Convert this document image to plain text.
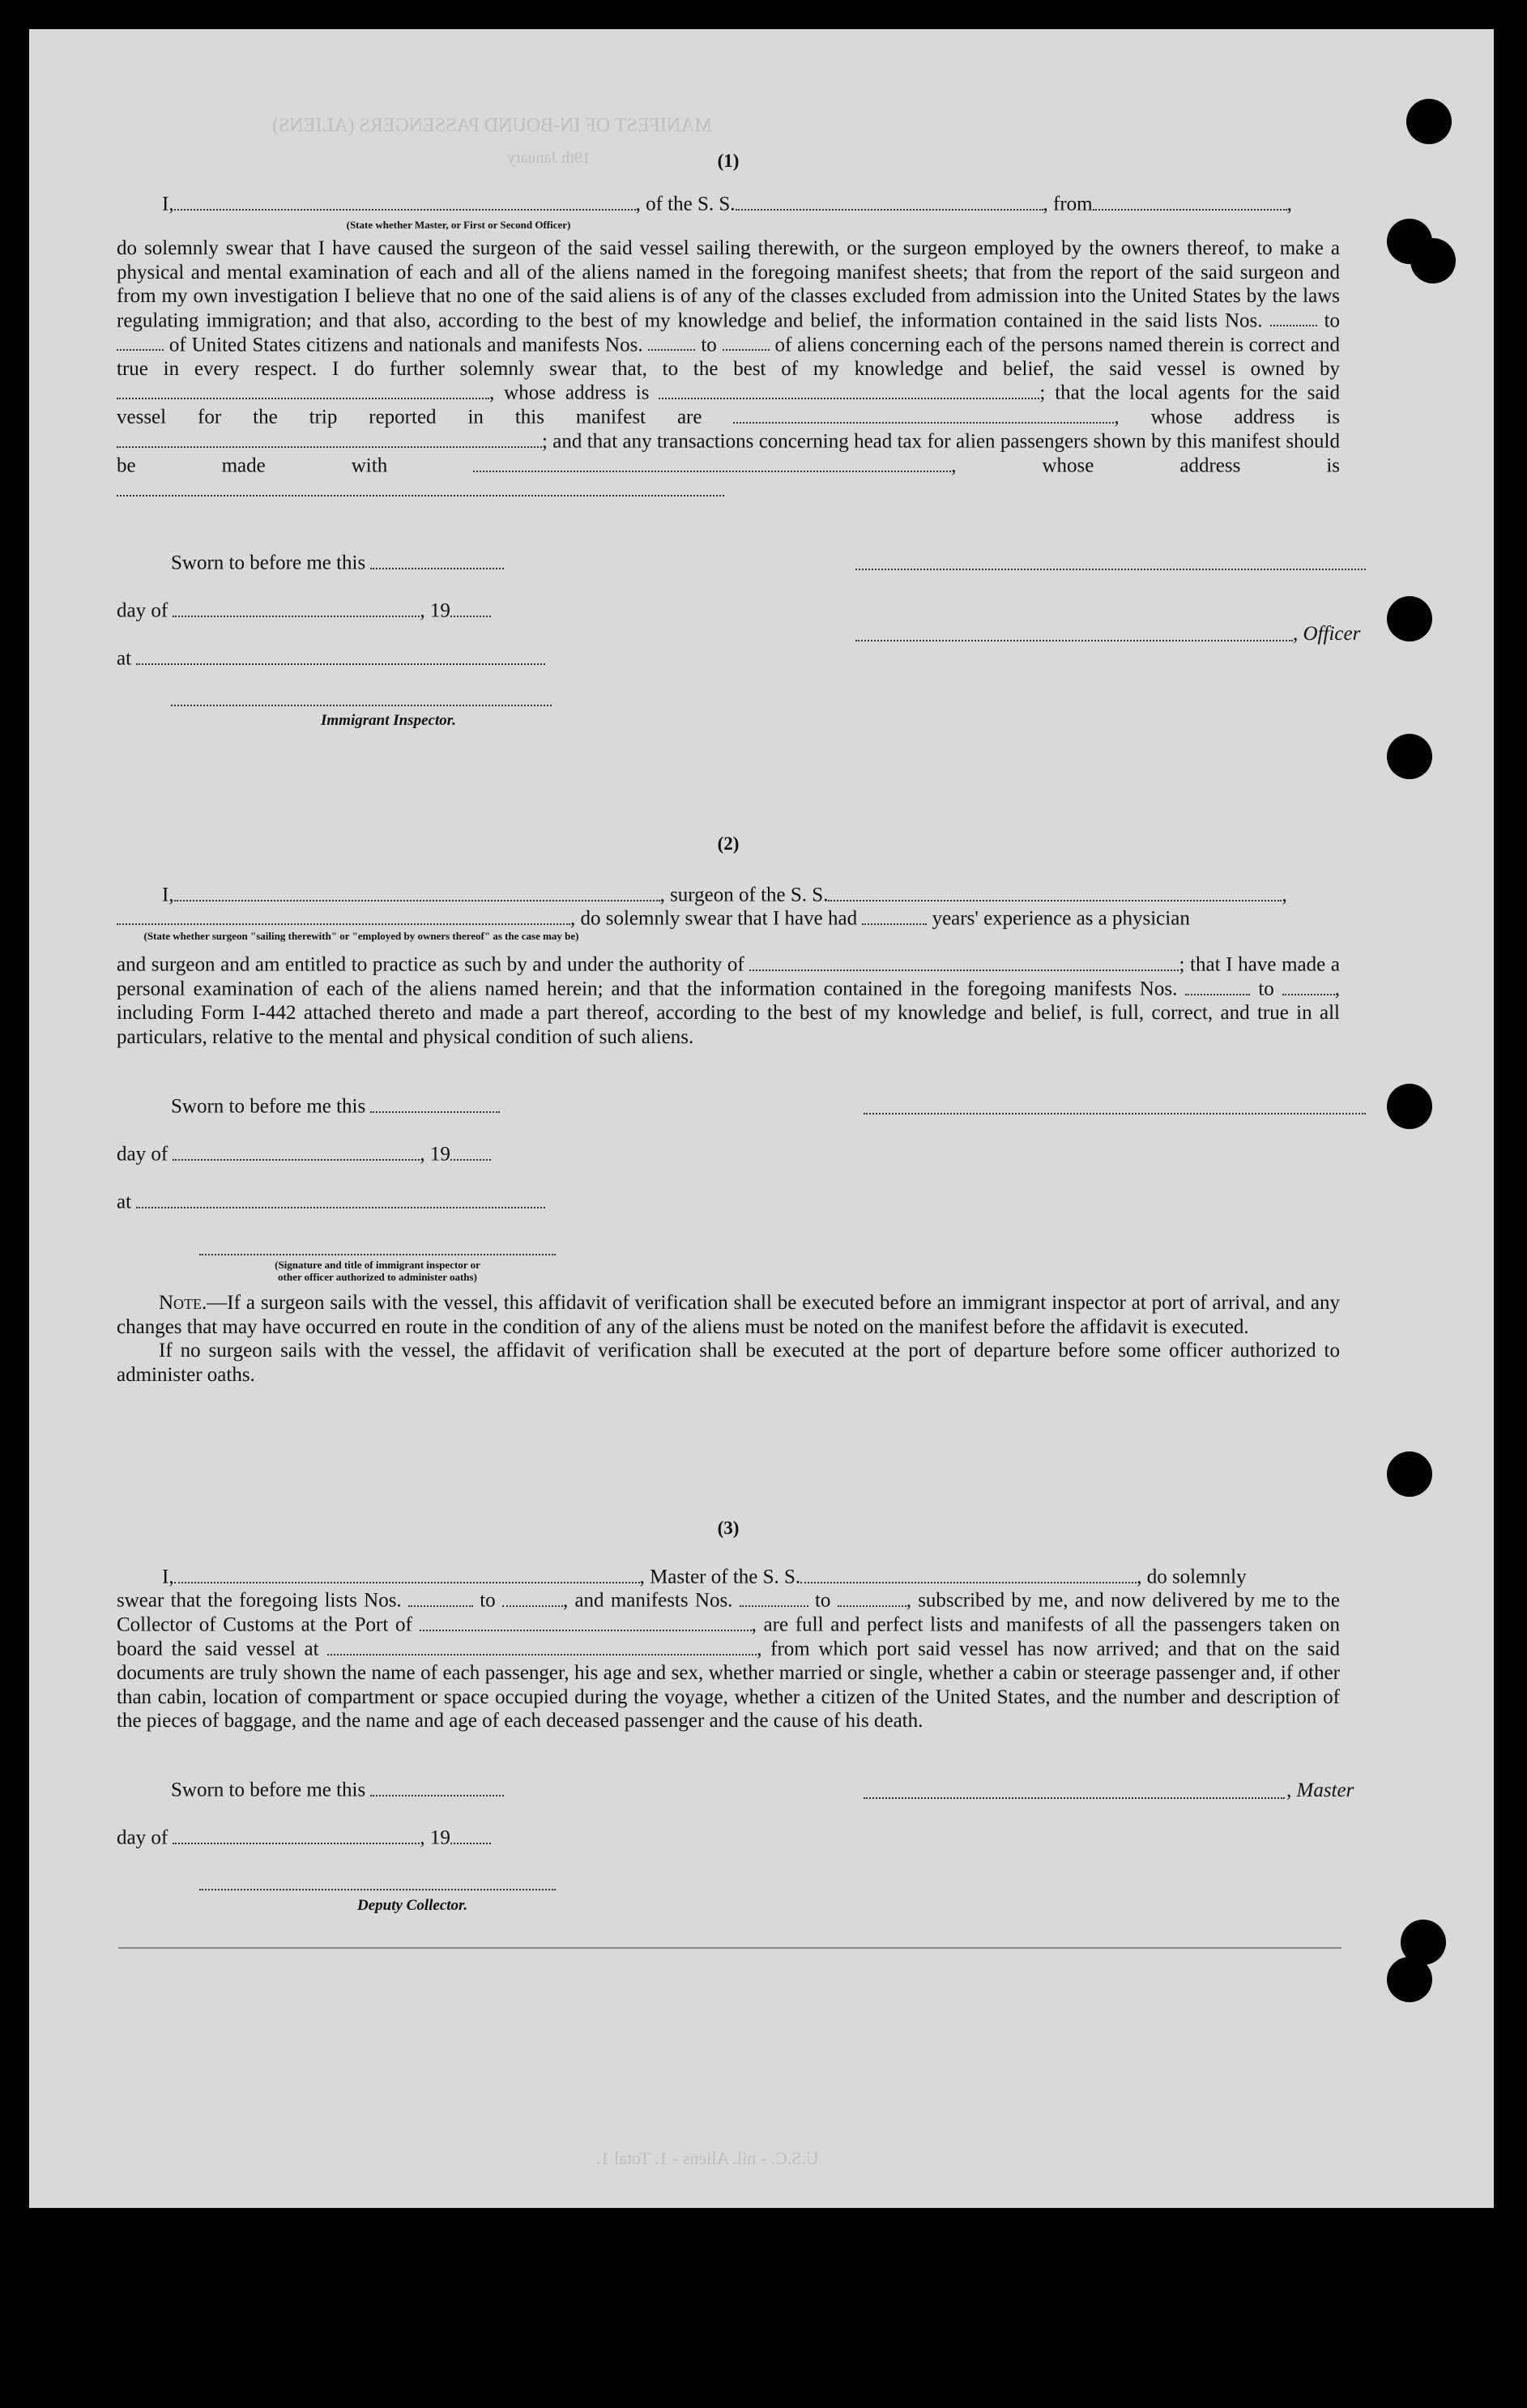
MANIFEST OF IN-BOUND PASSENGERS (ALIENS)
19th January
U.S.C. - nil. Aliens - 1. Total 1.
(1)
I,	, of the S. S.	, from	,
(State whether Master, or First or Second Officer)

do solemnly swear that I have caused the surgeon of the said vessel sailing therewith, or the surgeon employed by the owners thereof, to make a physical and mental examination of each and all of the aliens named in the foregoing manifest sheets; that from the report of the said surgeon and from my own investigation I believe that no one of the said aliens is of any of the classes excluded from admission into the United States by the laws regulating immigration; and that also, according to the best of my knowledge and belief, the information contained in the said lists Nos.	to  of United States citizens and nationals and manifests Nos.	to	of aliens concerning each of the persons named therein is correct and true in every respect. I do further solemnly swear that, to the best of my knowledge and belief, the said vessel is owned by , whose address is	; that the local agents for the said vessel for the trip reported in this manifest are	, whose address is ; and that any transactions concerning head tax for alien passengers shown by this manifest should be made with	, whose address is

Sworn to before me this
day of	, 19
, Officer
at
Immigrant Inspector.
(2)
I,	, surgeon of the S. S.	,
, do solemnly swear that I have had	years' experience as a physician
(State whether surgeon "sailing therewith" or "employed by owners thereof" as the case may be)

and surgeon and am entitled to practice as such by and under the authority of	; that I have made a personal examination of each of the aliens named herein; and that the information contained in the foregoing manifests Nos.	to	, including Form I-442 attached thereto and made a part thereof, according to the best of my knowledge and belief, is full, correct, and true in all particulars, relative to the mental and physical condition of such aliens.

Sworn to before me this
day of	, 19
at
(Signature and title of immigrant inspector or
other officer authorized to administer oaths)

Note.—If a surgeon sails with the vessel, this affidavit of verification shall be executed before an immigrant inspector at port of arrival, and any changes that may have occurred en route in the condition of any of the aliens must be noted on the manifest before the affidavit is executed.

If no surgeon sails with the vessel, the affidavit of verification shall be executed at the port of departure before some officer authorized to administer oaths.

(3)
I,	, Master of the S. S.	, do solemnly

swear that the foregoing lists Nos.	to	, and manifests Nos.	to	, subscribed by me, and now delivered by me to the Collector of Customs at the Port of	, are full and perfect lists and manifests of all the passengers taken on board the said vessel at	, from which port said vessel has now arrived; and that on the said documents are truly shown the name of each passenger, his age and sex, whether married or single, whether a cabin or steerage passenger and, if other than cabin, location of compartment or space occupied during the voyage, whether a citizen of the United States, and the number and description of the pieces of baggage, and the name and age of each deceased passenger and the cause of his death.

Sworn to before me this	, Master
day of	, 19
Deputy Collector.
